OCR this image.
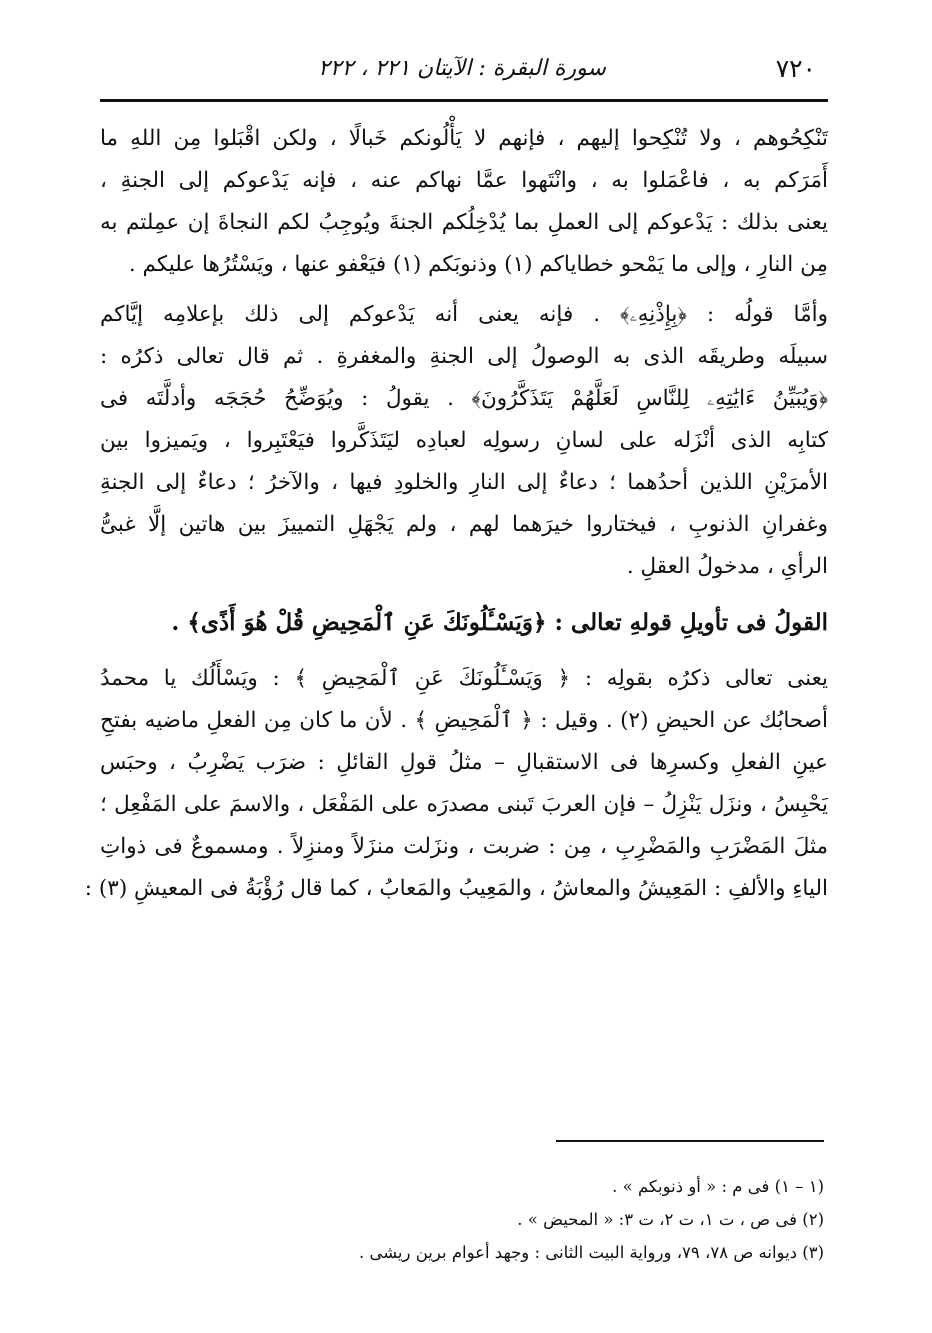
٧٢٠
سورة البقرة : الآيتان ٢٢١ ، ٢٢٢
تَنْكِحُوهم ، ولا تُنْكِحوا إليهم ، فإنهم لا يَأْلُونكم خَبالًا ، ولكن اقْبَلوا مِن اللهِ ما
أَمَرَكم به ، فاعْمَلوا به ، وانْتَهوا عمَّا نهاكم عنه ، فإنه يَدْعوكم إلى الجنةِ ،
يعنى بذلك : يَدْعوكم إلى العملِ بما يُدْخِلُكم الجنةَ ويُوجِبُ لكم النجاةَ إن عمِلتم به
مِن النارِ ، وإلى ما يَمْحو خطاياكم (١) وذنوبَكم (١) فيَعْفو عنها ، ويَسْتُرُها عليكم .
وأمَّا قولُه : ﴿بِإِذْنِهِۦ﴾ . فإنه يعنى أنه يَدْعوكم إلى ذلك بإعلامِه إيَّاكم
سبيلَه وطريقَه الذى به الوصولُ إلى الجنةِ والمغفرةِ . ثم قال تعالى ذكرُه :
﴿وَيُبَيِّنُ ءَايَٰتِهِۦ لِلنَّاسِ لَعَلَّهُمْ يَتَذَكَّرُونَ﴾ . يقولُ : ويُوَضِّحُ حُجَجَه وأدلَّتَه فى
كتابِه الذى أنْزَله على لسانِ رسولِه لعبادِه ليَتَذَكَّروا فيَعْتَبِروا ، ويَميزوا بين
الأمرَيْنِ اللذين أحدُهما ؛ دعاءٌ إلى النارِ والخلودِ فيها ، والآخرُ ؛ دعاءٌ إلى الجنةِ
وغفرانِ الذنوبِ ، فيختاروا خيرَهما لهم ، ولم يَجْهَلِ التمييزَ بين هاتين إلَّا غبىُّ
الرأىِ ، مدخولُ العقلِ .
القولُ فى تأويلِ قولهِ تعالى : ﴿وَيَسْـَٔلُونَكَ عَنِ ٱلْمَحِيضِ قُلْ هُوَ أَذًى﴾ .
يعنى تعالى ذكرُه بقولِه : ﴿ وَيَسْـَٔلُونَكَ عَنِ ٱلْمَحِيضِ ﴾ : ويَسْأَلُك يا محمدُ
أصحابُك عن الحيضِ (٢) . وقيل : ﴿ ٱلْمَحِيضِ ﴾ . لأن ما كان مِن الفعلِ ماضيه بفتحِ
عينِ الفعلِ وكسرِها فى الاستقبالِ – مثلُ قولِ القائلِ : ضرَب يَضْرِبُ ، وحبَس
يَحْبِسُ ، ونزَل يَنْزِلُ – فإن العربَ تَبنى مصدرَه على المَفْعَل ، والاسمَ على المَفْعِل ؛
مثلَ المَضْرَبِ والمَضْرِبِ ، مِن : ضربت ، ونزَلت منزَلاً ومنزِلاً . ومسموعٌ فى ذواتِ
الياءِ والألفِ : المَعِيشُ والمعاشُ ، والمَعِيبُ والمَعابُ ، كما قال رُؤْبَةُ فى المعيشِ (٣) :
(١ – ١) فى م : « أو ذنوبكم » .
(٢) فى ص ، ت ١، ت ٢، ت ٣: « المحيض » .
(٣) ديوانه ص ٧٨، ٧٩، ورواية البيت الثانى : وجهد أعوام برين ريشى .
